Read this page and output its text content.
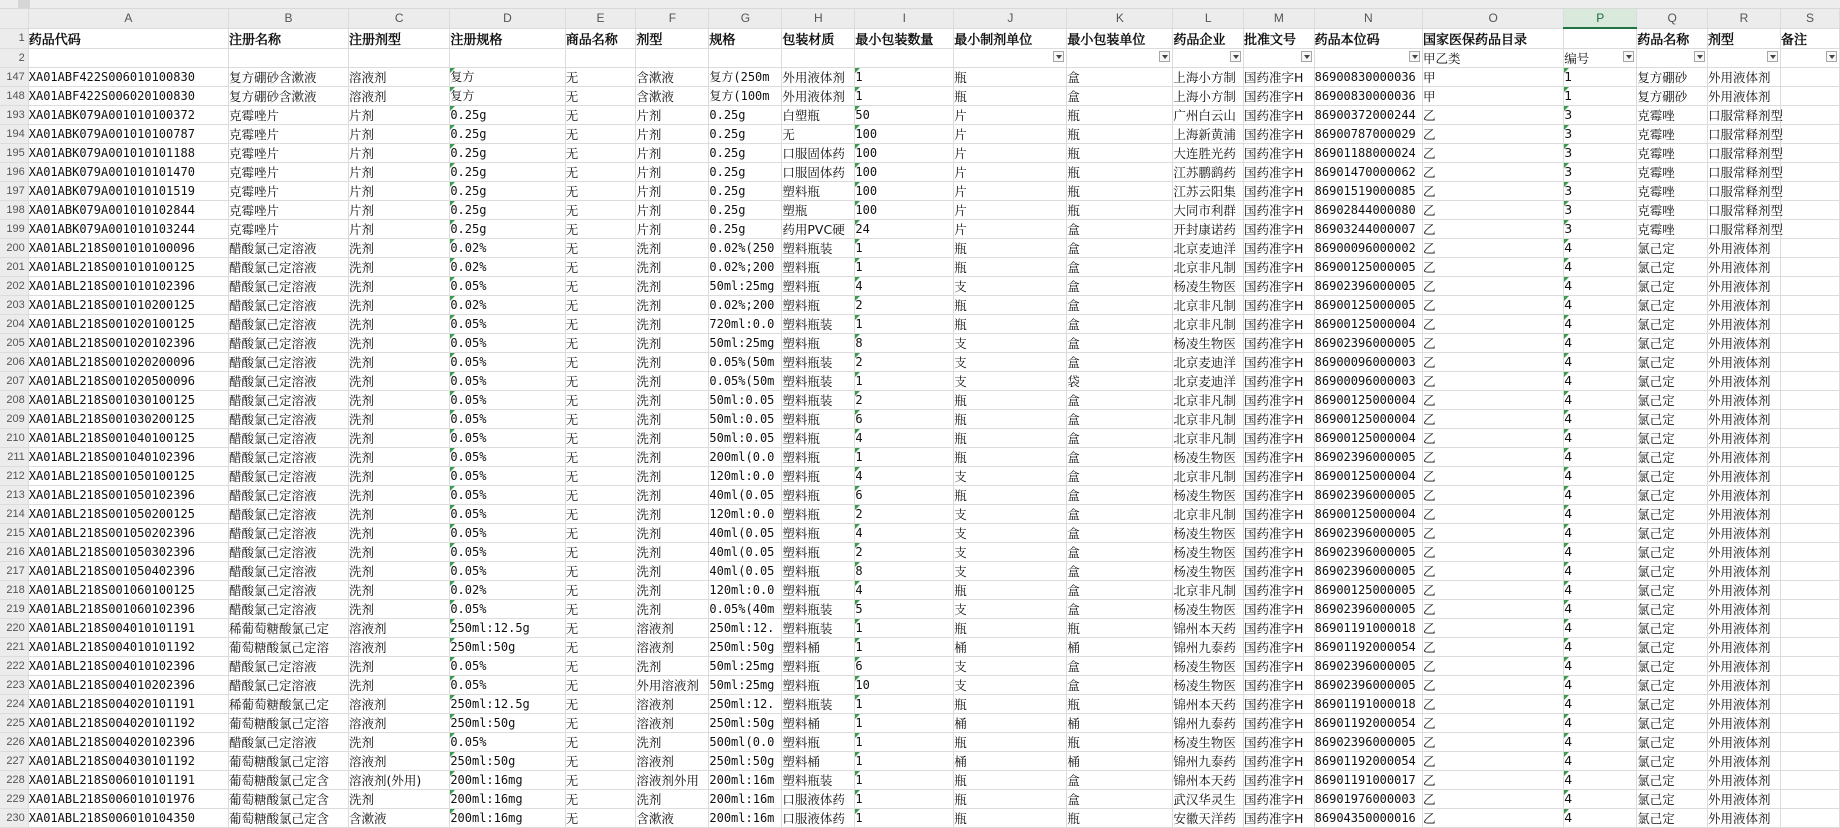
	A	B	C	D	E	F	G	H	I	J	K	L	M	N	O	P	Q	R	S
1	药品代码	注册名称	注册剂型	注册规格	商品名称	剂型	规格	包装材质	最小包装数量	最小制剂单位	最小包装单位	药品企业	批准文号	药品本位码	国家医保药品目录		药品名称	剂型	备注
2															甲乙类	编号

147	XA01ABF422S006010100830	复方硼砂含漱液	溶液剂	复方	无	含漱液	复方(250m	外用液体剂	1	瓶	盒	上海小方制	国药准字H	86900830000036	甲	1	复方硼砂	外用液体剂	
148	XA01ABF422S006020100830	复方硼砂含漱液	溶液剂	复方	无	含漱液	复方(100m	外用液体剂	1	瓶	盒	上海小方制	国药准字H	86900830000036	甲	1	复方硼砂	外用液体剂	
193	XA01ABK079A001010100372	克霉唑片	片剂	0.25g	无	片剂	0.25g	白塑瓶	50	片	瓶	广州白云山	国药准字H	86900372000244	乙	3	克霉唑	口服常释剂型	
194	XA01ABK079A001010100787	克霉唑片	片剂	0.25g	无	片剂	0.25g	无	100	片	瓶	上海新黄浦	国药准字H	86900787000029	乙	3	克霉唑	口服常释剂型	
195	XA01ABK079A001010101188	克霉唑片	片剂	0.25g	无	片剂	0.25g	口服固体药	100	片	瓶	大连胜光药	国药准字H	86901188000024	乙	3	克霉唑	口服常释剂型	
196	XA01ABK079A001010101470	克霉唑片	片剂	0.25g	无	片剂	0.25g	口服固体药	100	片	瓶	江苏鹏鹞药	国药准字H	86901470000062	乙	3	克霉唑	口服常释剂型	
197	XA01ABK079A001010101519	克霉唑片	片剂	0.25g	无	片剂	0.25g	塑料瓶	100	片	瓶	江苏云阳集	国药准字H	86901519000085	乙	3	克霉唑	口服常释剂型	
198	XA01ABK079A001010102844	克霉唑片	片剂	0.25g	无	片剂	0.25g	塑瓶	100	片	瓶	大同市利群	国药准字H	86902844000080	乙	3	克霉唑	口服常释剂型	
199	XA01ABK079A001010103244	克霉唑片	片剂	0.25g	无	片剂	0.25g	药用PVC硬	24	片	盒	开封康诺药	国药准字H	86903244000007	乙	3	克霉唑	口服常释剂型	
200	XA01ABL218S001010100096	醋酸氯己定溶液	洗剂	0.02%	无	洗剂	0.02%(250	塑料瓶装	1	瓶	盒	北京麦迪洋	国药准字H	86900096000002	乙	4	氯己定	外用液体剂	
201	XA01ABL218S001010100125	醋酸氯己定溶液	洗剂	0.02%	无	洗剂	0.02%;200	塑料瓶	1	瓶	盒	北京非凡制	国药准字H	86900125000005	乙	4	氯己定	外用液体剂	
202	XA01ABL218S001010102396	醋酸氯己定溶液	洗剂	0.05%	无	洗剂	50ml:25mg	塑料瓶	4	支	盒	杨凌生物医	国药准字H	86902396000005	乙	4	氯己定	外用液体剂	
203	XA01ABL218S001010200125	醋酸氯己定溶液	洗剂	0.02%	无	洗剂	0.02%;200	塑料瓶	2	瓶	盒	北京非凡制	国药准字H	86900125000005	乙	4	氯己定	外用液体剂	
204	XA01ABL218S001020100125	醋酸氯己定溶液	洗剂	0.05%	无	洗剂	720ml:0.0	塑料瓶装	1	瓶	盒	北京非凡制	国药准字H	86900125000004	乙	4	氯己定	外用液体剂	
205	XA01ABL218S001020102396	醋酸氯己定溶液	洗剂	0.05%	无	洗剂	50ml:25mg	塑料瓶	8	支	盒	杨凌生物医	国药准字H	86902396000005	乙	4	氯己定	外用液体剂	
206	XA01ABL218S001020200096	醋酸氯己定溶液	洗剂	0.05%	无	洗剂	0.05%(50m	塑料瓶装	2	支	盒	北京麦迪洋	国药准字H	86900096000003	乙	4	氯己定	外用液体剂	
207	XA01ABL218S001020500096	醋酸氯己定溶液	洗剂	0.05%	无	洗剂	0.05%(50m	塑料瓶装	1	支	袋	北京麦迪洋	国药准字H	86900096000003	乙	4	氯己定	外用液体剂	
208	XA01ABL218S001030100125	醋酸氯己定溶液	洗剂	0.05%	无	洗剂	50ml:0.05	塑料瓶装	2	瓶	盒	北京非凡制	国药准字H	86900125000004	乙	4	氯己定	外用液体剂	
209	XA01ABL218S001030200125	醋酸氯己定溶液	洗剂	0.05%	无	洗剂	50ml:0.05	塑料瓶	6	瓶	盒	北京非凡制	国药准字H	86900125000004	乙	4	氯己定	外用液体剂	
210	XA01ABL218S001040100125	醋酸氯己定溶液	洗剂	0.05%	无	洗剂	50ml:0.05	塑料瓶	4	瓶	盒	北京非凡制	国药准字H	86900125000004	乙	4	氯己定	外用液体剂	
211	XA01ABL218S001040102396	醋酸氯己定溶液	洗剂	0.05%	无	洗剂	200ml(0.0	塑料瓶	1	瓶	盒	杨凌生物医	国药准字H	86902396000005	乙	4	氯己定	外用液体剂	
212	XA01ABL218S001050100125	醋酸氯己定溶液	洗剂	0.05%	无	洗剂	120ml:0.0	塑料瓶	4	支	盒	北京非凡制	国药准字H	86900125000004	乙	4	氯己定	外用液体剂	
213	XA01ABL218S001050102396	醋酸氯己定溶液	洗剂	0.05%	无	洗剂	40ml(0.05	塑料瓶	6	瓶	盒	杨凌生物医	国药准字H	86902396000005	乙	4	氯己定	外用液体剂	
214	XA01ABL218S001050200125	醋酸氯己定溶液	洗剂	0.05%	无	洗剂	120ml:0.0	塑料瓶	2	支	盒	北京非凡制	国药准字H	86900125000004	乙	4	氯己定	外用液体剂	
215	XA01ABL218S001050202396	醋酸氯己定溶液	洗剂	0.05%	无	洗剂	40ml(0.05	塑料瓶	4	支	盒	杨凌生物医	国药准字H	86902396000005	乙	4	氯己定	外用液体剂	
216	XA01ABL218S001050302396	醋酸氯己定溶液	洗剂	0.05%	无	洗剂	40ml(0.05	塑料瓶	2	支	盒	杨凌生物医	国药准字H	86902396000005	乙	4	氯己定	外用液体剂	
217	XA01ABL218S001050402396	醋酸氯己定溶液	洗剂	0.05%	无	洗剂	40ml(0.05	塑料瓶	8	支	盒	杨凌生物医	国药准字H	86902396000005	乙	4	氯己定	外用液体剂	
218	XA01ABL218S001060100125	醋酸氯己定溶液	洗剂	0.02%	无	洗剂	120ml:0.0	塑料瓶	4	瓶	盒	北京非凡制	国药准字H	86900125000005	乙	4	氯己定	外用液体剂	
219	XA01ABL218S001060102396	醋酸氯己定溶液	洗剂	0.05%	无	洗剂	0.05%(40m	塑料瓶装	5	支	盒	杨凌生物医	国药准字H	86902396000005	乙	4	氯己定	外用液体剂	
220	XA01ABL218S004010101191	稀葡萄糖酸氯己定	溶液剂	250ml:12.5g	无	溶液剂	250ml:12.	塑料瓶装	1	瓶	瓶	锦州本天药	国药准字H	86901191000018	乙	4	氯己定	外用液体剂	
221	XA01ABL218S004010101192	葡萄糖酸氯己定溶	溶液剂	250ml:50g	无	溶液剂	250ml:50g	塑料桶	1	桶	桶	锦州九泰药	国药准字H	86901192000054	乙	4	氯己定	外用液体剂	
222	XA01ABL218S004010102396	醋酸氯己定溶液	洗剂	0.05%	无	洗剂	50ml:25mg	塑料瓶	6	支	盒	杨凌生物医	国药准字H	86902396000005	乙	4	氯己定	外用液体剂	
223	XA01ABL218S004010202396	醋酸氯己定溶液	洗剂	0.05%	无	外用溶液剂	50ml:25mg	塑料瓶	10	支	盒	杨凌生物医	国药准字H	86902396000005	乙	4	氯己定	外用液体剂	
224	XA01ABL218S004020101191	稀葡萄糖酸氯己定	溶液剂	250ml:12.5g	无	溶液剂	250ml:12.	塑料瓶装	1	瓶	瓶	锦州本天药	国药准字H	86901191000018	乙	4	氯己定	外用液体剂	
225	XA01ABL218S004020101192	葡萄糖酸氯己定溶	溶液剂	250ml:50g	无	溶液剂	250ml:50g	塑料桶	1	桶	桶	锦州九泰药	国药准字H	86901192000054	乙	4	氯己定	外用液体剂	
226	XA01ABL218S004020102396	醋酸氯己定溶液	洗剂	0.05%	无	洗剂	500ml(0.0	塑料瓶	1	瓶	瓶	杨凌生物医	国药准字H	86902396000005	乙	4	氯己定	外用液体剂	
227	XA01ABL218S004030101192	葡萄糖酸氯己定溶	溶液剂	250ml:50g	无	溶液剂	250ml:50g	塑料桶	1	桶	桶	锦州九泰药	国药准字H	86901192000054	乙	4	氯己定	外用液体剂	
228	XA01ABL218S006010101191	葡萄糖酸氯己定含	溶液剂(外用)	200ml:16mg	无	溶液剂外用	200ml:16m	塑料瓶装	1	瓶	盒	锦州本天药	国药准字H	86901191000017	乙	4	氯己定	外用液体剂	
229	XA01ABL218S006010101976	葡萄糖酸氯己定含	洗剂	200ml:16mg	无	洗剂	200ml:16m	口服液体药	1	瓶	盒	武汉华灵生	国药准字H	86901976000003	乙	4	氯己定	外用液体剂	
230	XA01ABL218S006010104350	葡萄糖酸氯己定含	含漱液	200ml:16mg	无	含漱液	200ml:16m	口服液体药	1	瓶	瓶	安徽天洋药	国药准字H	86904350000016	乙	4	氯己定	外用液体剂	
